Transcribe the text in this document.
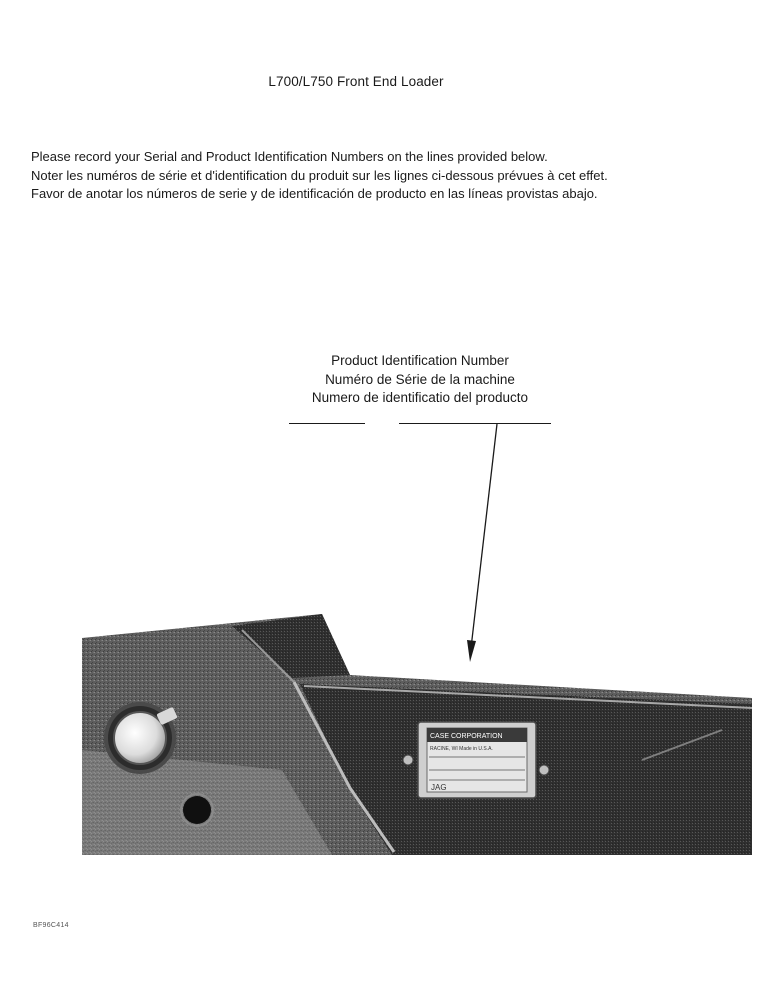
L700/L750 Front End Loader
Please record your Serial and Product Identification Numbers on the lines provided below.
Noter les numéros de série et d'identification du produit sur les lignes ci-dessous prévues à cet effet.
Favor de anotar los números de serie y de identificación de producto en las líneas provistas abajo.
Product Identification Number
Numéro de Série de la machine
Numero de identificatio del producto
CASE CORPORATION
RACINE, WI Made in U.S.A.
JAG
BF96C414
